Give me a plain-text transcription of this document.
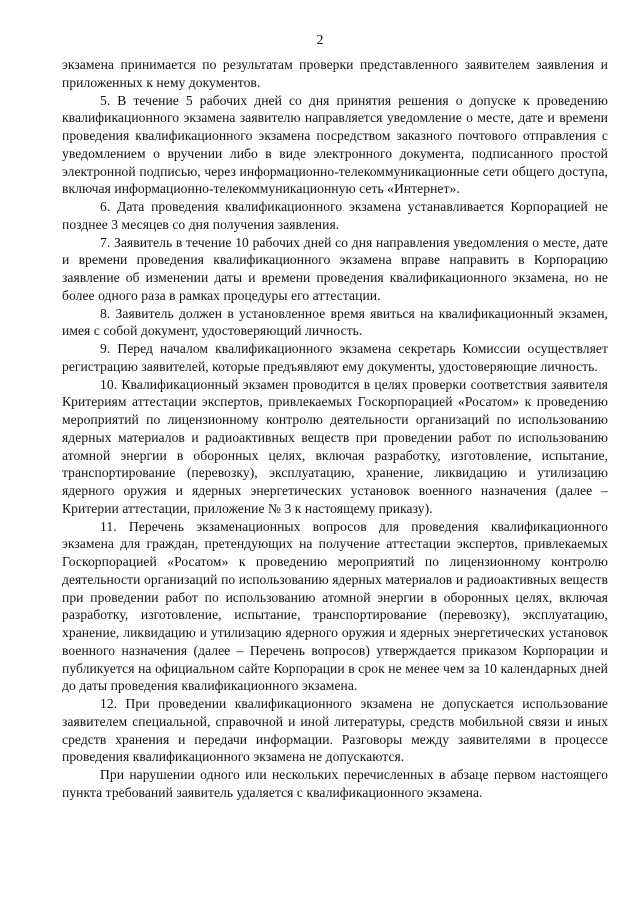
2

экзамена принимается по результатам проверки представленного заявителем заявления и приложенных к нему документов.

5. В течение 5 рабочих дней со дня принятия решения о допуске к проведению квалификационного экзамена заявителю направляется уведомление о месте, дате и времени проведения квалификационного экзамена посредством заказного почтового отправления с уведомлением о вручении либо в виде электронного документа, подписанного простой электронной подписью, через информационно-телекоммуникационные сети общего доступа, включая информационно-телекоммуникационную сеть «Интернет».

6. Дата проведения квалификационного экзамена устанавливается Корпорацией не позднее 3 месяцев со дня получения заявления.

7. Заявитель в течение 10 рабочих дней со дня направления уведомления о месте, дате и времени проведения квалификационного экзамена вправе направить в Корпорацию заявление об изменении даты и времени проведения квалификационного экзамена, но не более одного раза в рамках процедуры его аттестации.

8. Заявитель должен в установленное время явиться на квалификационный экзамен, имея с собой документ, удостоверяющий личность.

9. Перед началом квалификационного экзамена секретарь Комиссии осуществляет регистрацию заявителей, которые предъявляют ему документы, удостоверяющие личность.

10. Квалификационный экзамен проводится в целях проверки соответствия заявителя Критериям аттестации экспертов, привлекаемых Госкорпорацией «Росатом» к проведению мероприятий по лицензионному контролю деятельности организаций по использованию ядерных материалов и радиоактивных веществ при проведении работ по использованию атомной энергии в оборонных целях, включая разработку, изготовление, испытание, транспортирование (перевозку), эксплуатацию, хранение, ликвидацию и утилизацию ядерного оружия и ядерных энергетических установок военного назначения (далее – Критерии аттестации, приложение № 3 к настоящему приказу).

11. Перечень экзаменационных вопросов для проведения квалификационного экзамена для граждан, претендующих на получение аттестации экспертов, привлекаемых Госкорпорацией «Росатом» к проведению мероприятий по лицензионному контролю деятельности организаций по использованию ядерных материалов и радиоактивных веществ при проведении работ по использованию атомной энергии в оборонных целях, включая разработку, изготовление, испытание, транспортирование (перевозку), эксплуатацию, хранение, ликвидацию и утилизацию ядерного оружия и ядерных энергетических установок военного назначения (далее – Перечень вопросов) утверждается приказом Корпорации и публикуется на официальном сайте Корпорации в срок не менее чем за 10 календарных дней до даты проведения квалификационного экзамена.

12. При проведении квалификационного экзамена не допускается использование заявителем специальной, справочной и иной литературы, средств мобильной связи и иных средств хранения и передачи информации. Разговоры между заявителями в процессе проведения квалификационного экзамена не допускаются.

При нарушении одного или нескольких перечисленных в абзаце первом настоящего пункта требований заявитель удаляется с квалификационного экзамена.
